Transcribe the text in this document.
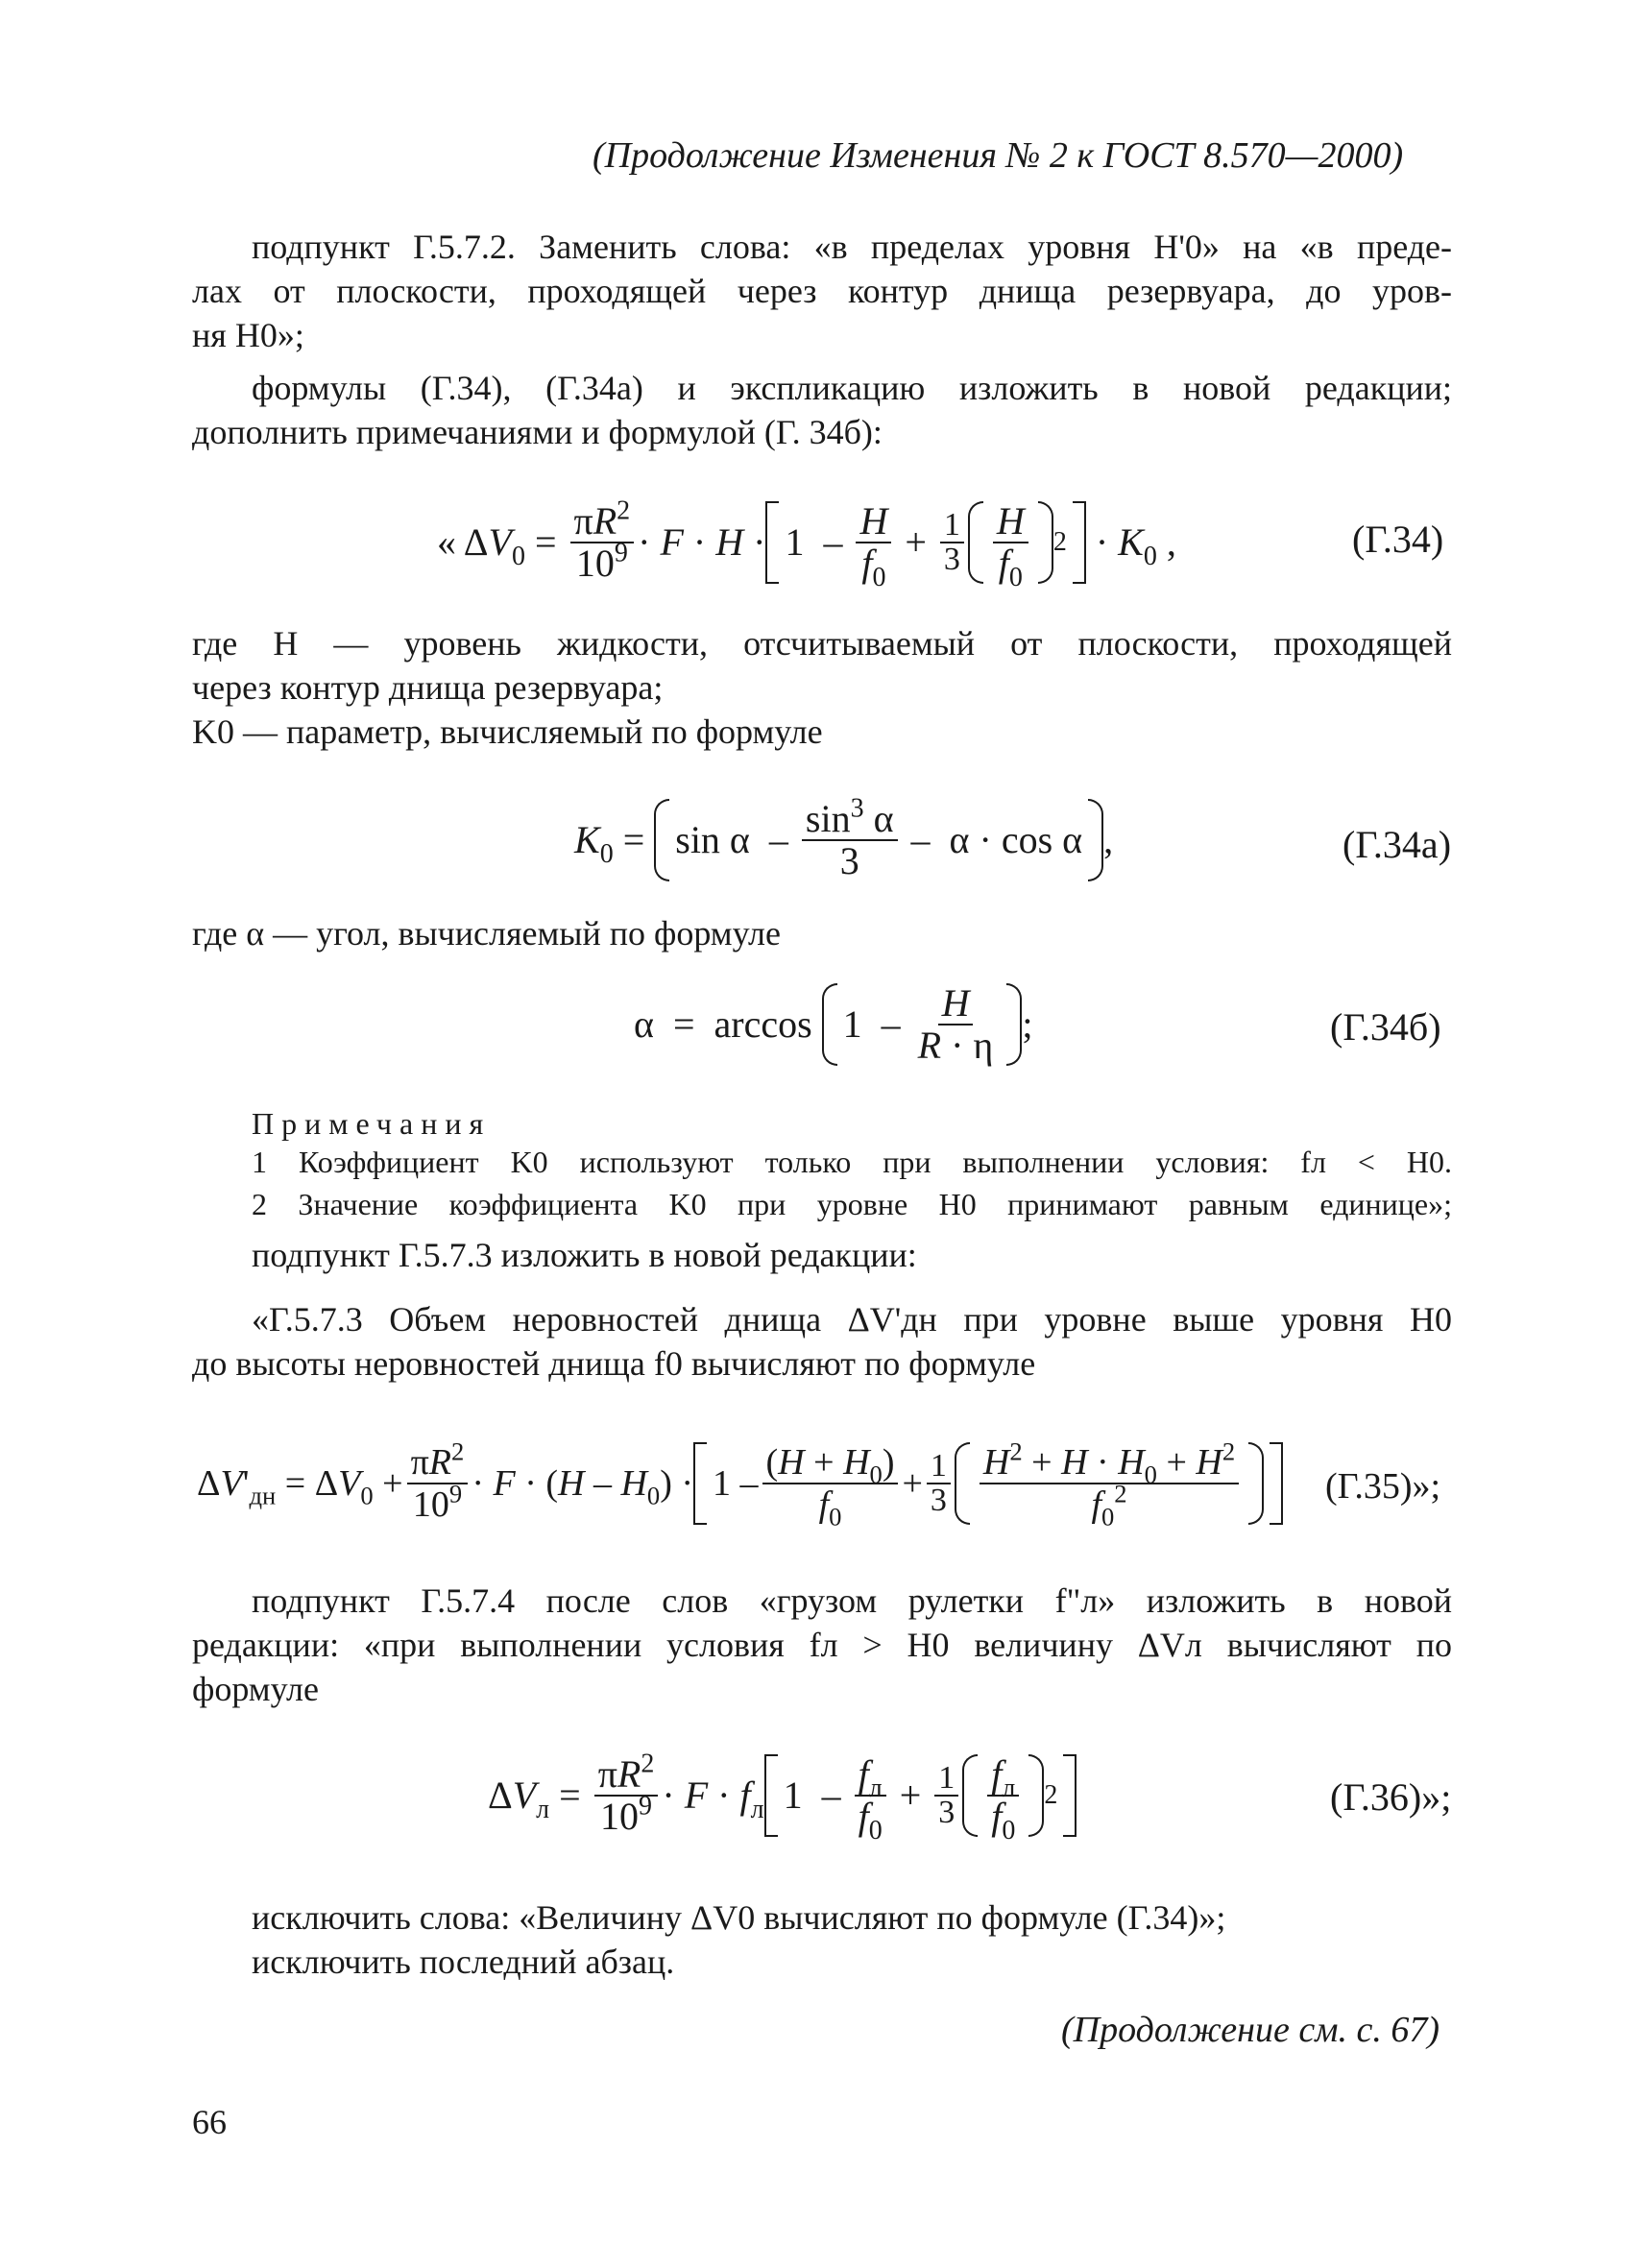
(Продолжение Изменения № 2 к ГОСТ 8.570—2000)
подпункт Г.5.7.2. Заменить слова: «в пределах уровня H'0» на «в преде-
лах от плоскости, проходящей через контур днища резервуара, до уров-
ня H0»;
формулы (Г.34), (Г.34а) и экспликацию изложить в новой редакции;
дополнить примечаниями и формулой (Г. 34б):
« $\Delta V_0 = \frac{\pi R^2}{10^9} \cdot F \cdot H \cdot 1 - \frac{H}{f_0} + \frac{1}{3} \frac{H}{f_0} 2 \cdot K_0$ ,	(Г.34)
где H — уровень жидкости, отсчитываемый от плоскости, проходящей
через контур днища резервуара;
K0 — параметр, вычисляемый по формуле
$K_0 = \sin \alpha - \frac{\sin^3 \alpha}{3} - \alpha \cdot \cos \alpha$ ,	(Г.34а)
где α — угол, вычисляемый по формуле
$\alpha = \arccos 1 - \frac{H}{R \cdot \eta}$ ;	(Г.34б)
Примечания
1 Коэффициент K0 используют только при выполнении условия: fл < H0.
2 Значение коэффициента K0 при уровне H0 принимают равным единице»;
подпункт Г.5.7.3 изложить в новой редакции:
«Г.5.7.3 Объем неровностей днища ΔV'дн при уровне выше уровня H0
до высоты неровностей днища f0 вычисляют по формуле
$\Delta V'_{дн} = \Delta V_0 + \frac{\pi R^2}{10^9} \cdot F \cdot (H - H_0) \cdot 1 - \frac{(H + H_0)}{f_0} + \frac{1}{3} \frac{H^2 + H \cdot H_0 + H^2}{f_0^2} (Г.35)$»;
подпункт Г.5.7.4 после слов «грузом рулетки f"л» изложить в новой
редакции: «при выполнении условия fл > H0 величину ΔVл вычисляют по
формуле
$\Delta V_л = \frac{\pi R^2}{10^9} \cdot F \cdot f_л$ $1 - \frac{f_л}{f_0} + \frac{1}{3} \frac{f_л}{f_0} 2$	(Г.36)»;
исключить слова: «Величину ΔV0 вычисляют по формуле (Г.34)»;
исключить последний абзац.
(Продолжение см. с. 67)
66
